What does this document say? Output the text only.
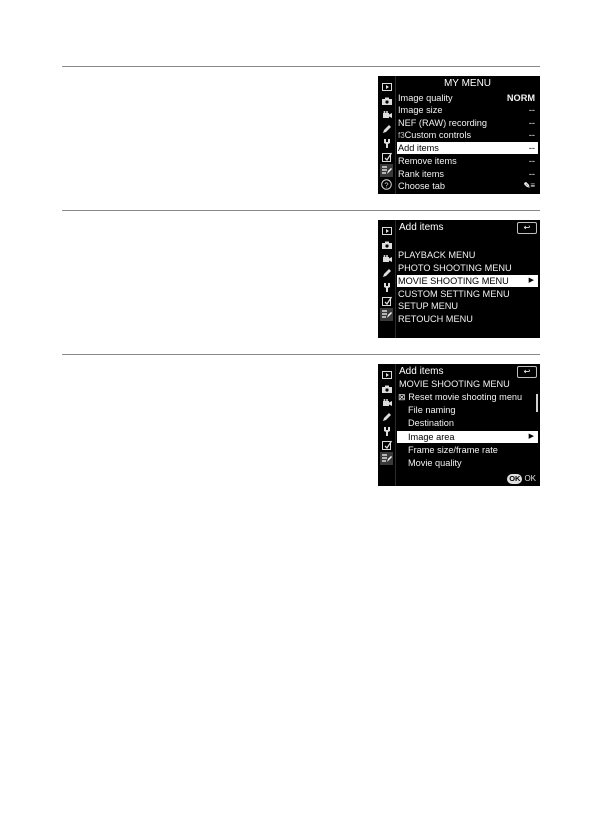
?
MY MENU
Image quality	NORM
Image size	--
NEF (RAW) recording	--
f3Custom controls	--
Add items	--
Remove items	--
Rank items	--
Choose tab	✎≡
Add items	↩
PLAYBACK MENU
PHOTO SHOOTING MENU
MOVIE SHOOTING MENU	▶
CUSTOM SETTING MENU
SETUP MENU
RETOUCH MENU
Add items	↩
MOVIE SHOOTING MENU
⊠ Reset movie shooting menu
File naming
Destination
Image area	▶
Frame size/frame rate
Movie quality
OK OK
